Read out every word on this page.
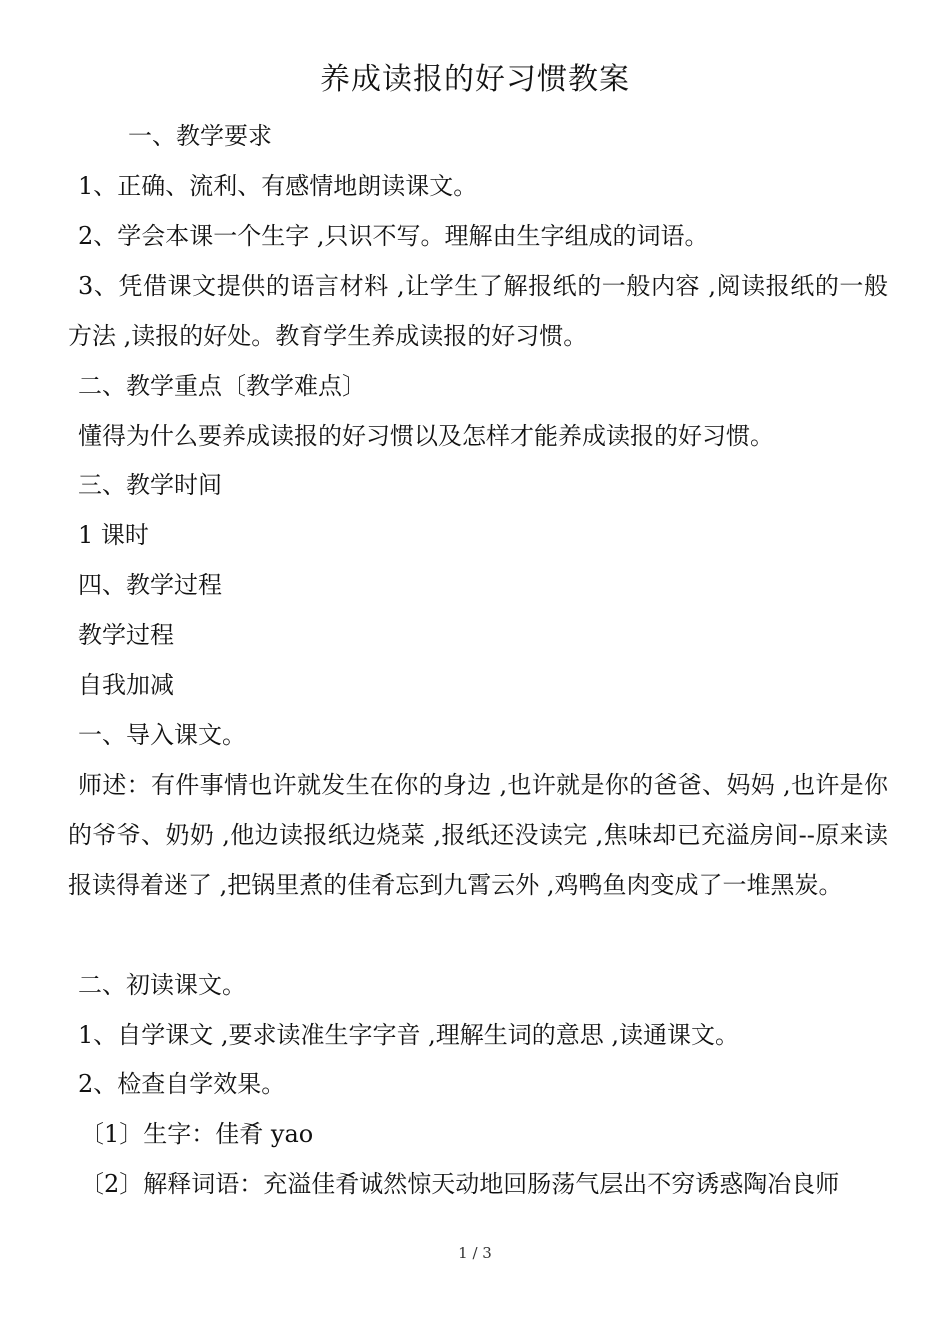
养成读报的好习惯教案

一、教学要求

1、正确、流利、有感情地朗读课文。

2、学会本课一个生字 ,只识不写。理解由生字组成的词语。

3、凭借课文提供的语言材料 ,让学生了解报纸的一般内容 ,阅读报纸的一般方法 ,读报的好处。教育学生养成读报的好习惯。

二、教学重点〔教学难点〕

懂得为什么要养成读报的好习惯以及怎样才能养成读报的好习惯。

三、教学时间

1 课时

四、教学过程

教学过程

自我加减

一、导入课文。

师述：有件事情也许就发生在你的身边 ,也许就是你的爸爸、妈妈 ,也许是你的爷爷、奶奶 ,他边读报纸边烧菜 ,报纸还没读完 ,焦味却已充溢房间--原来读报读得着迷了 ,把锅里煮的佳肴忘到九霄云外 ,鸡鸭鱼肉变成了一堆黑炭。

二、初读课文。

1、自学课文 ,要求读准生字字音 ,理解生词的意思 ,读通课文。

2、检查自学效果。

〔1〕生字：佳肴 yao

〔2〕解释词语：充溢佳肴诚然惊天动地回肠荡气层出不穷诱惑陶冶良师

1 / 3
